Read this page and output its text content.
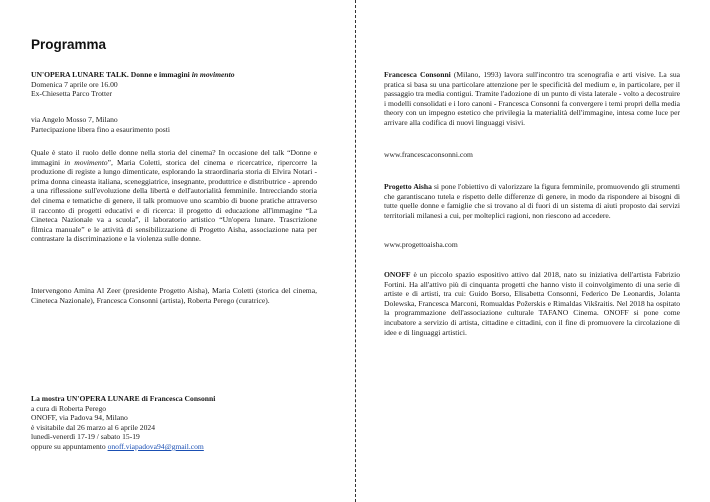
Programma

UN'OPERA LUNARE TALK. Donne e immagini in movimento

Domenica 7 aprile ore 16.00

Ex-Chiesetta Parco Trotter

via Angelo Mosso 7, Milano

Partecipazione libera fino a esaurimento posti

Quale è stato il ruolo delle donne nella storia del cinema? In occasione del talk “Donne e immagini in movimento”, Maria Coletti, storica del cinema e ricercatrice, ripercorre la produzione di registe a lungo dimenticate, esplorando la straordinaria storia di Elvira Notari - prima donna cineasta italiana, sceneggiatrice, insegnante, produttrice e distributrice - aprendo a una riflessione sull'evoluzione della libertà e dell'autorialità femminile. Intrecciando storia del cinema e tematiche di genere, il talk promuove uno scambio di buone pratiche attraverso il racconto di progetti educativi e di ricerca: il progetto di educazione all'immagine “La Cineteca Nazionale va a scuola”, il laboratorio artistico “Un'opera lunare. Trascrizione filmica manuale” e le attività di sensibilizzazione di Progetto Aisha, associazione nata per contrastare la discriminazione e la violenza sulle donne.

Intervengono Amina Al Zeer (presidente Progetto Aisha), Maria Coletti (storica del cinema, Cineteca Nazionale), Francesca Consonni (artista), Roberta Perego (curatrice).

La mostra UN'OPERA LUNARE di Francesca Consonni

a cura di Roberta Perego

ONOFF, via Padova 94, Milano

è visitabile dal 26 marzo al 6 aprile 2024

lunedì-venerdì 17-19 / sabato 15-19

oppure su appuntamento onoff.viapadova94@gmail.com

Francesca Consonni (Milano, 1993) lavora sull'incontro tra scenografia e arti visive. La sua pratica si basa su una particolare attenzione per le specificità del medium e, in particolare, per il passaggio tra media contigui. Tramite l'adozione di un punto di vista laterale - volto a decostruire i modelli consolidati e i loro canoni - Francesca Consonni fa convergere i temi propri della media theory con un impegno estetico che privilegia la materialità dell'immagine, intesa come luce per arrivare alla codifica di nuovi linguaggi visivi.

www.francescaconsonni.com

Progetto Aisha si pone l'obiettivo di valorizzare la figura femminile, promuovendo gli strumenti che garantiscano tutela e rispetto delle differenze di genere, in modo da rispondere ai bisogni di tutte quelle donne e famiglie che si trovano al di fuori di un sistema di aiuti proposto dai servizi territoriali milanesi a cui, per molteplici ragioni, non riescono ad accedere.

www.progettoaisha.com

ONOFF è un piccolo spazio espositivo attivo dal 2018, nato su iniziativa dell'artista Fabrizio Fortini. Ha all'attivo più di cinquanta progetti che hanno visto il coinvolgimento di una serie di artiste e di artisti, tra cui: Guido Borso, Elisabetta Consonni, Federico De Leonardis, Jolanta Dolewska, Francesca Marconi, Romualdas Požerskis e Rimaldas Vikšraitis. Nel 2018 ha ospitato la programmazione dell'associazione culturale TAFANO Cinema. ONOFF si pone come incubatore a servizio di artista, cittadine e cittadini, con il fine di promuovere la circolazione di idee e di linguaggi artistici.
